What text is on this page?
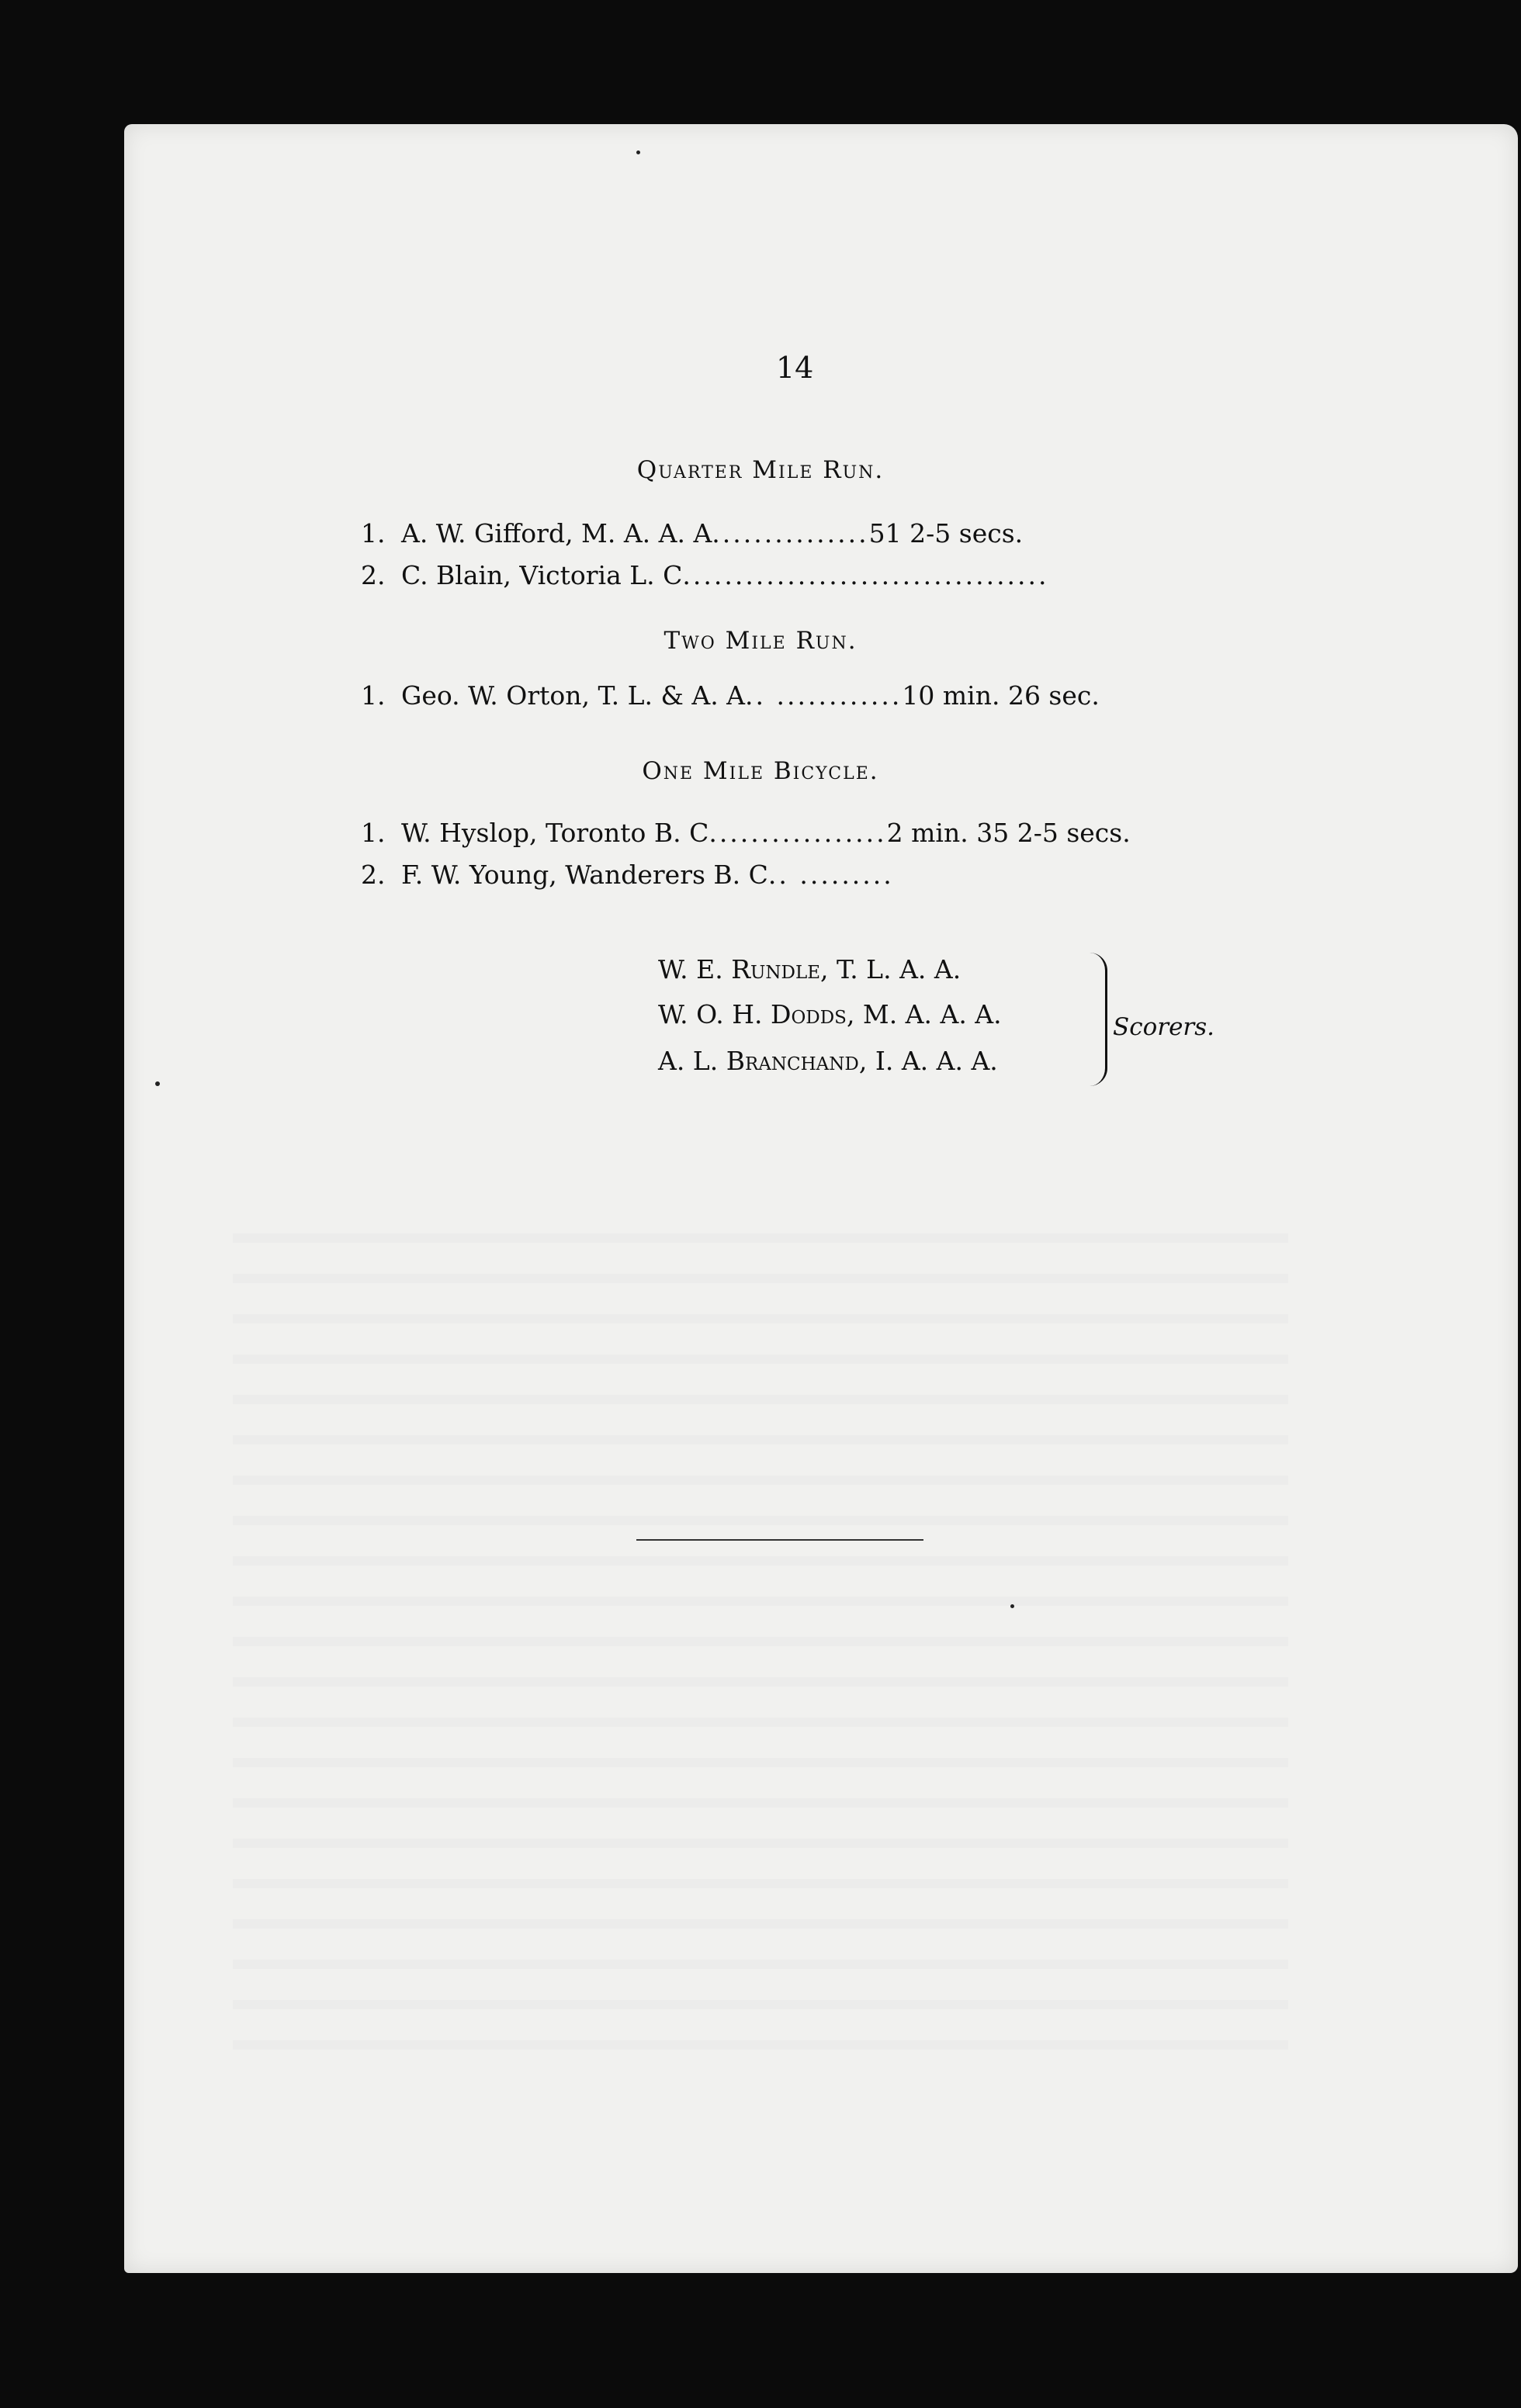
14
Quarter Mile Run.
1. A. W. Gifford, M. A. A. A ............... 51 2-5 secs.
2. C. Blain, Victoria L. C ...................................
Two Mile Run.
1. Geo. W. Orton, T. L. & A. A .. ............ 10 min. 26 sec.
One Mile Bicycle.
1. W. Hyslop, Toronto B. C ................. 2 min. 35 2-5 secs.
2. F. W. Young, Wanderers B. C .. .........
W. E. Rundle, T. L. A. A.
W. O. H. Dodds, M. A. A. A.
A. L. Branchand, I. A. A. A.
Scorers.
